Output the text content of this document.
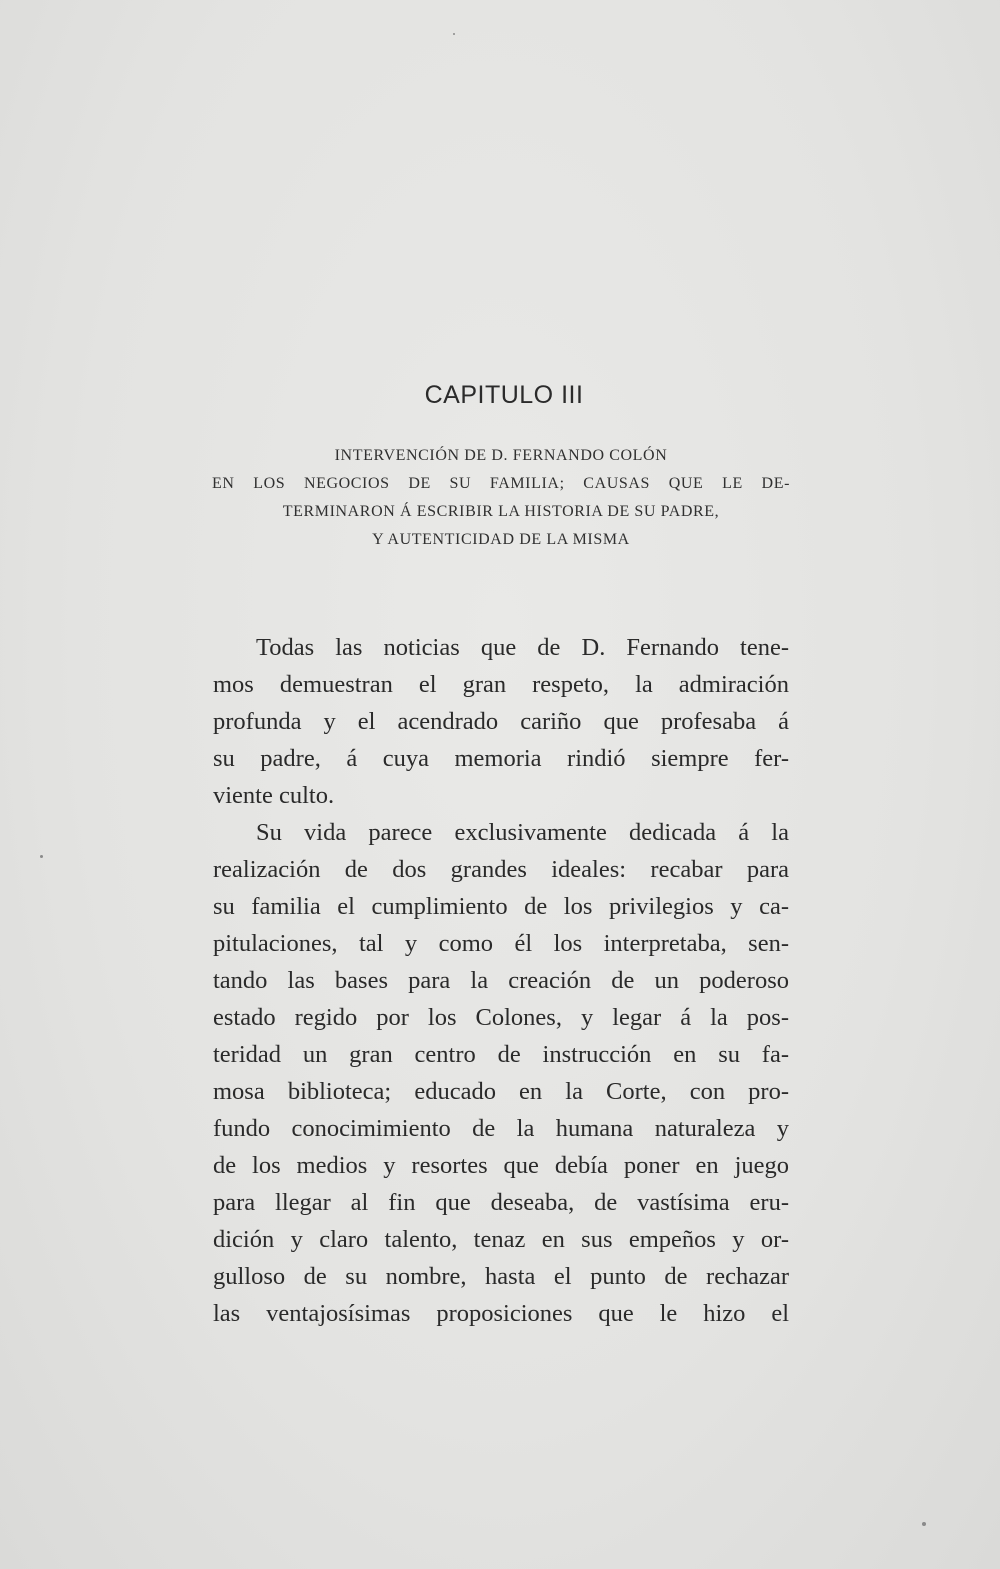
CAPITULO III
INTERVENCIÓN DE D. FERNANDO COLÓN
EN LOS NEGOCIOS DE SU FAMILIA; CAUSAS QUE LE DE-
TERMINARON Á ESCRIBIR LA HISTORIA DE SU PADRE,
Y AUTENTICIDAD DE LA MISMA
Todas las noticias que de D. Fernando tene-
mos demuestran el gran respeto, la admiración
profunda y el acendrado cariño que profesaba á
su padre, á cuya memoria rindió siempre fer-
viente culto.
Su vida parece exclusivamente dedicada á la
realización de dos grandes ideales: recabar para
su familia el cumplimiento de los privilegios y ca-
pitulaciones, tal y como él los interpretaba, sen-
tando las bases para la creación de un poderoso
estado regido por los Colones, y legar á la pos-
teridad un gran centro de instrucción en su fa-
mosa biblioteca; educado en la Corte, con pro-
fundo conocimimiento de la humana naturaleza y
de los medios y resortes que debía poner en juego
para llegar al fin que deseaba, de vastísima eru-
dición y claro talento, tenaz en sus empeños y or-
gulloso de su nombre, hasta el punto de rechazar
las ventajosísimas proposiciones que le hizo el
